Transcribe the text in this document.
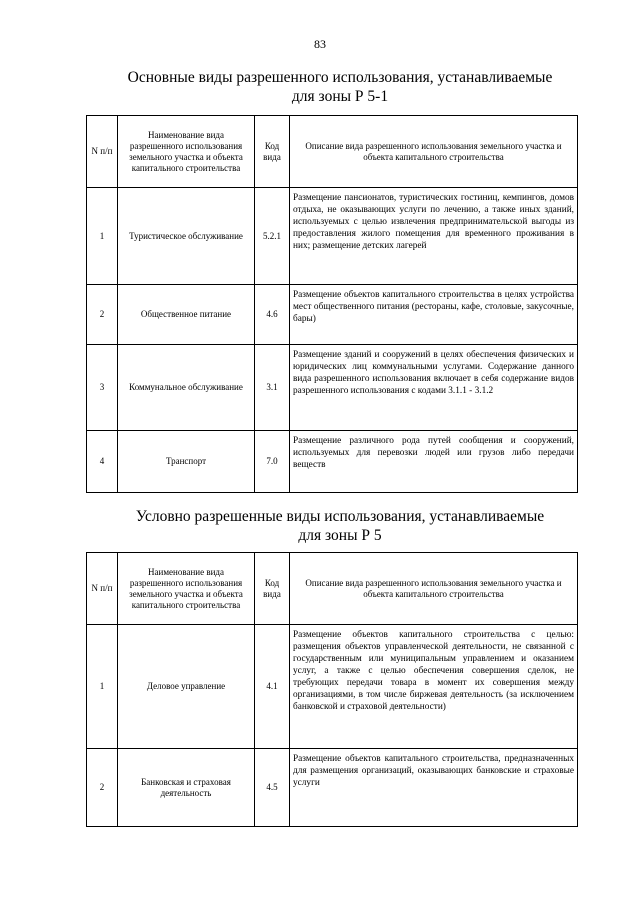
83
Основные виды разрешенного использования, устанавливаемые
для зоны Р 5-1
N п/п	Наименование вида разрешенного использования земельного участка и объекта капитального строительства	Код вида	Описание вида разрешенного использования земельного участка и объекта капитального строительства
1	Туристическое обслуживание	5.2.1	Размещение пансионатов, туристических гостиниц, кемпингов, домов отдыха, не оказывающих услуги по лечению, а также иных зданий, используемых с целью извлечения предпринимательской выгоды из предоставления жилого помещения для временного проживания в них; размещение детских лагерей
2	Общественное питание	4.6	Размещение объектов капитального строительства в целях устройства мест общественного питания (рестораны, кафе, столовые, закусочные, бары)
3	Коммунальное обслуживание	3.1	Размещение зданий и сооружений в целях обеспечения физических и юридических лиц коммунальными услугами. Содержание данного вида разрешенного использования включает в себя содержание видов разрешенного использования с кодами 3.1.1 - 3.1.2
4	Транспорт	7.0	Размещение различного рода путей сообщения и сооружений, используемых для перевозки людей или грузов либо передачи веществ
Условно разрешенные виды использования, устанавливаемые
для зоны Р 5
N п/п	Наименование вида разрешенного использования земельного участка и объекта капитального строительства	Код вида	Описание вида разрешенного использования земельного участка и объекта капитального строительства
1	Деловое управление	4.1	Размещение объектов капитального строительства с целью: размещения объектов управленческой деятельности, не связанной с государственным или муниципальным управлением и оказанием услуг, а также с целью обеспечения совершения сделок, не требующих передачи товара в момент их совершения между организациями, в том числе биржевая деятельность (за исключением банковской и страховой деятельности)
2	Банковская и страховая деятельность	4.5	Размещение объектов капитального строительства, предназначенных для размещения организаций, оказывающих банковские и страховые услуги
